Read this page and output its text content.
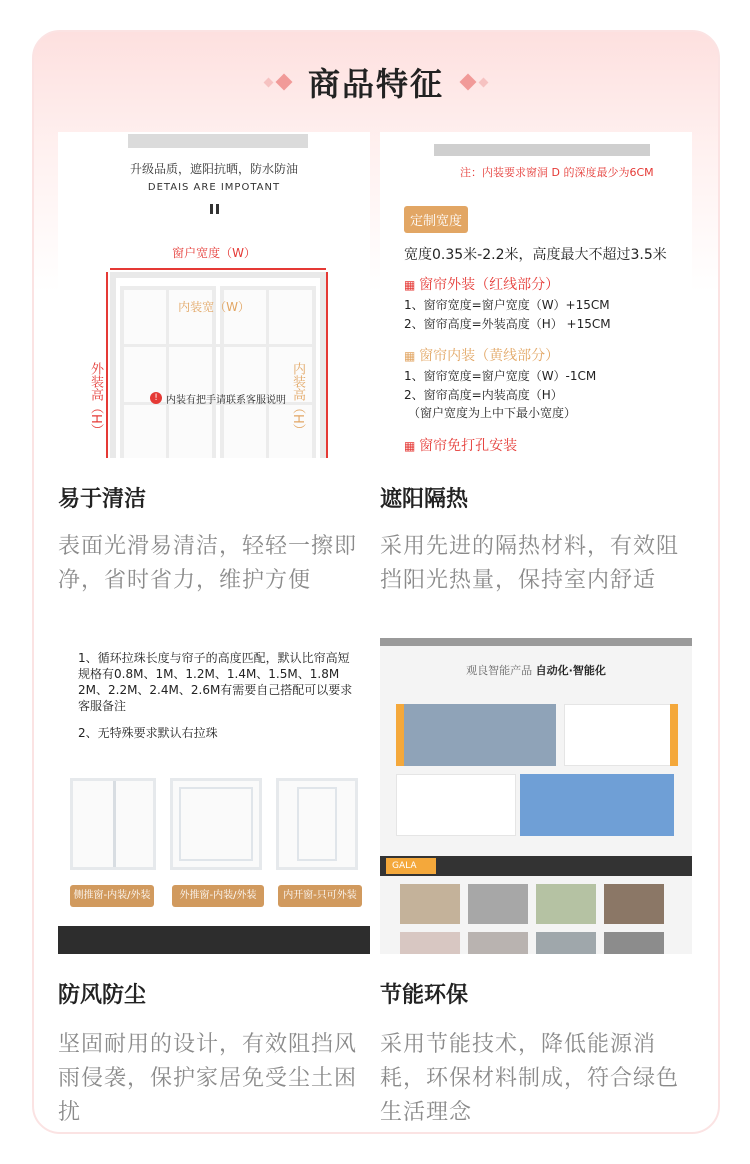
商品特征
升级品质，遮阳抗晒，防水防油
DETAIS ARE IMPOTANT
窗户宽度（W）
内装宽（W）
外装高（H）	内装高（H）
! 内装有把手请联系客服说明
易于清洁
表面光滑易清洁，轻轻一擦即净，省时省力，维护方便
注：内装要求窗洞 D 的深度最少为6CM
定制宽度
宽度0.35米-2.2米，高度最大不超过3.5米
▦ 窗帘外装（红线部分）
1、窗帘宽度=窗户宽度（W）+15CM
2、窗帘高度=外装高度（H） +15CM
▦ 窗帘内装（黄线部分）
1、窗帘宽度=窗户宽度（W）-1CM
2、窗帘高度=内装高度（H）
（窗户宽度为上中下最小宽度）
▦ 窗帘免打孔安装
遮阳隔热
采用先进的隔热材料，有效阻挡阳光热量，保持室内舒适
1、循环拉珠长度与帘子的高度匹配，默认比帘高短规格有0.8M、1M、1.2M、1.4M、1.5M、1.8M 2M、2.2M、2.4M、2.6M有需要自己搭配可以要求客服备注
2、无特殊要求默认右拉珠
侧推窗-内装/外装	外推窗-内装/外装	内开窗-只可外装
防风防尘
坚固耐用的设计，有效阻挡风雨侵袭，保护家居免受尘土困扰
观良智能产品 自动化·智能化
GALA
节能环保
采用节能技术，降低能源消耗，环保材料制成，符合绿色生活理念
